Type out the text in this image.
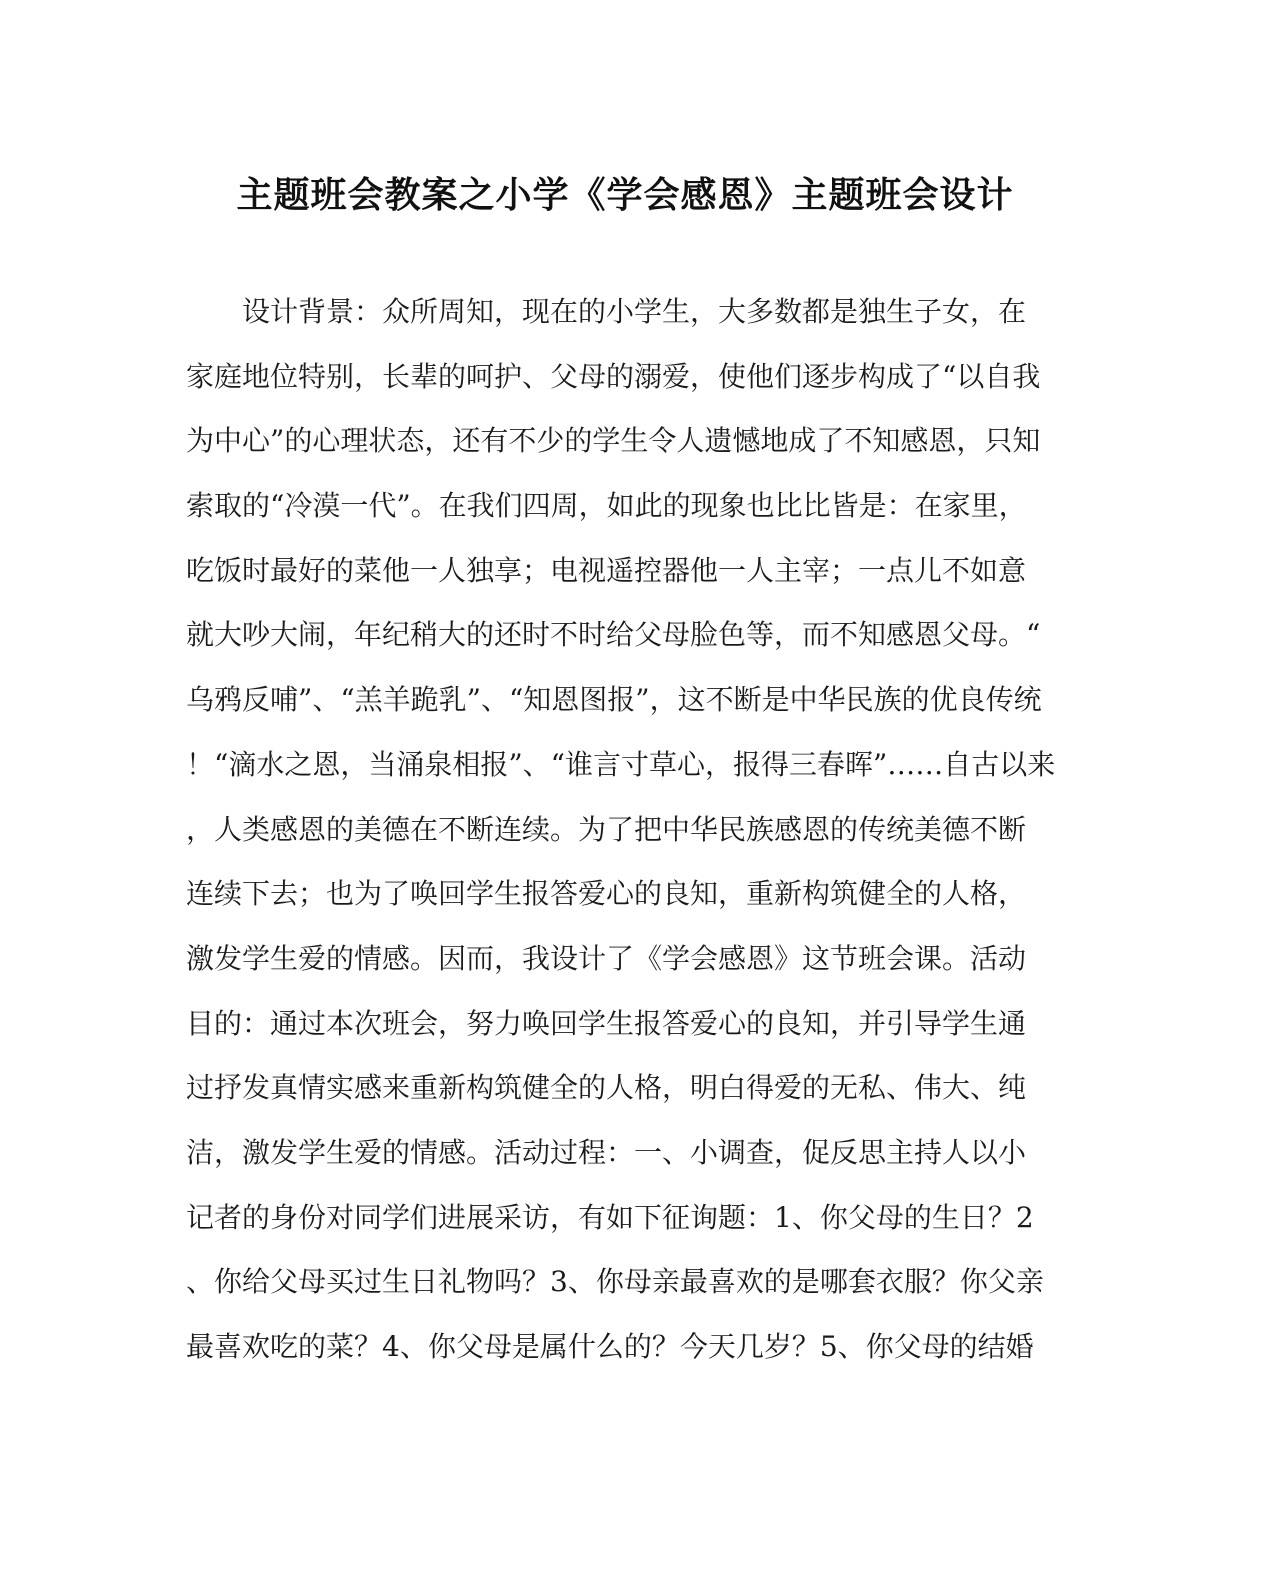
主题班会教案之小学《学会感恩》主题班会设计
　　设计背景：众所周知，现在的小学生，大多数都是独生子女，在
家庭地位特别，长辈的呵护、父母的溺爱，使他们逐步构成了“以自我
为中心”的心理状态，还有不少的学生令人遗憾地成了不知感恩，只知
索取的“冷漠一代”。在我们四周，如此的现象也比比皆是：在家里，
吃饭时最好的菜他一人独享；电视遥控器他一人主宰；一点儿不如意
就大吵大闹，年纪稍大的还时不时给父母脸色等，而不知感恩父母。“
乌鸦反哺”、“羔羊跪乳”、“知恩图报”，这不断是中华民族的优良传统
！“滴水之恩，当涌泉相报”、“谁言寸草心，报得三春晖”……自古以来
，人类感恩的美德在不断连续。为了把中华民族感恩的传统美德不断
连续下去；也为了唤回学生报答爱心的良知，重新构筑健全的人格，
激发学生爱的情感。因而，我设计了《学会感恩》这节班会课。活动
目的：通过本次班会，努力唤回学生报答爱心的良知，并引导学生通
过抒发真情实感来重新构筑健全的人格，明白得爱的无私、伟大、纯
洁，激发学生爱的情感。活动过程：一、小调查，促反思主持人以小
记者的身份对同学们进展采访，有如下征询题：1、你父母的生日？2
、你给父母买过生日礼物吗？3、你母亲最喜欢的是哪套衣服？你父亲
最喜欢吃的菜？4、你父母是属什么的？今天几岁？5、你父母的结婚
